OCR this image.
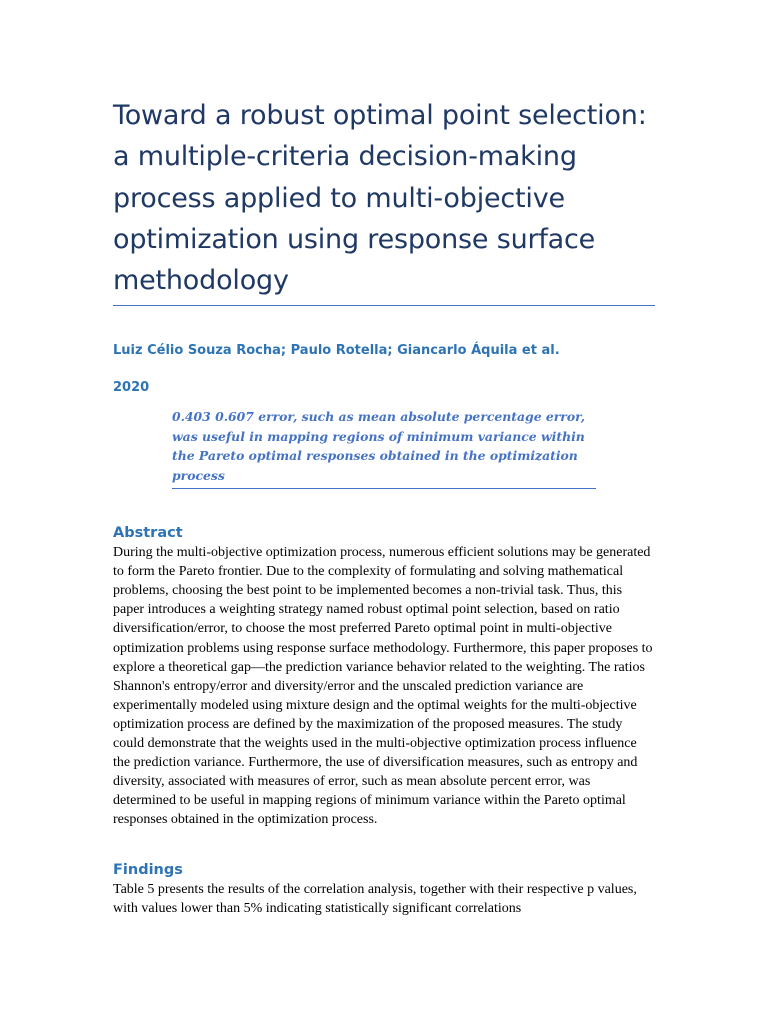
Toward a robust optimal point selection: a multiple-criteria decision-making process applied to multi-objective optimization using response surface methodology
Luiz Célio Souza Rocha; Paulo Rotella; Giancarlo Áquila et al.
2020
0.403 0.607 error, such as mean absolute percentage error, was useful in mapping regions of minimum variance within the Pareto optimal responses obtained in the optimization process
Abstract

During the multi-objective optimization process, numerous efficient solutions may be generated to form the Pareto frontier. Due to the complexity of formulating and solving mathematical problems, choosing the best point to be implemented becomes a non-trivial task. Thus, this paper introduces a weighting strategy named robust optimal point selection, based on ratio diversification/error, to choose the most preferred Pareto optimal point in multi-objective optimization problems using response surface methodology. Furthermore, this paper proposes to explore a theoretical gap—the prediction variance behavior related to the weighting. The ratios Shannon's entropy/error and diversity/error and the unscaled prediction variance are experimentally modeled using mixture design and the optimal weights for the multi-objective optimization process are defined by the maximization of the proposed measures. The study could demonstrate that the weights used in the multi-objective optimization process influence the prediction variance. Furthermore, the use of diversification measures, such as entropy and diversity, associated with measures of error, such as mean absolute percent error, was determined to be useful in mapping regions of minimum variance within the Pareto optimal responses obtained in the optimization process.

Findings

Table 5 presents the results of the correlation analysis, together with their respective p values, with values lower than 5% indicating statistically significant correlations
